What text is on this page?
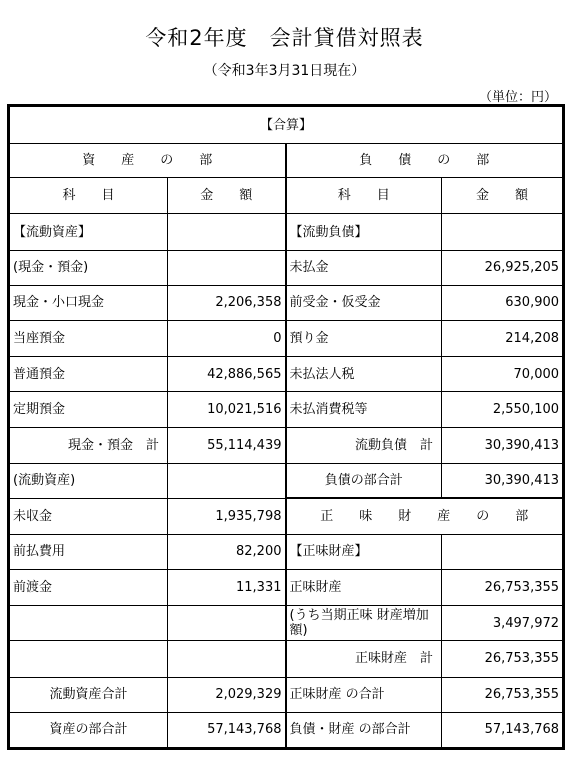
令和2年度　会計貸借対照表
（令和3年3月31日現在）
（単位：円）
【合算】			
資　　産　　の　　部		負　　債　　の　　部	
科　　目	金　　額	科　　目	金　　額
【流動資産】		【流動負債】	
(現金・預金)		未払金	26,925,205
現金・小口現金	2,206,358	前受金・仮受金	630,900
当座預金	0	預り金	214,208
普通預金	42,886,565	未払法人税	70,000
定期預金	10,021,516	未払消費税等	2,550,100
現金・預金　計	55,114,439	流動負債　計	30,390,413
(流動資産)		負債の部合計	30,390,413
未収金	1,935,798	正　　味　　財　　産　　の　　部	
前払費用	82,200	【正味財産】	
前渡金	11,331	正味財産	26,753,355
		(うち当期正味 財産増加額)	3,497,972
		正味財産　計	26,753,355
流動資産合計	2,029,329	正味財産 の合計	26,753,355
資産の部合計	57,143,768	負債・財産 の部合計	57,143,768
